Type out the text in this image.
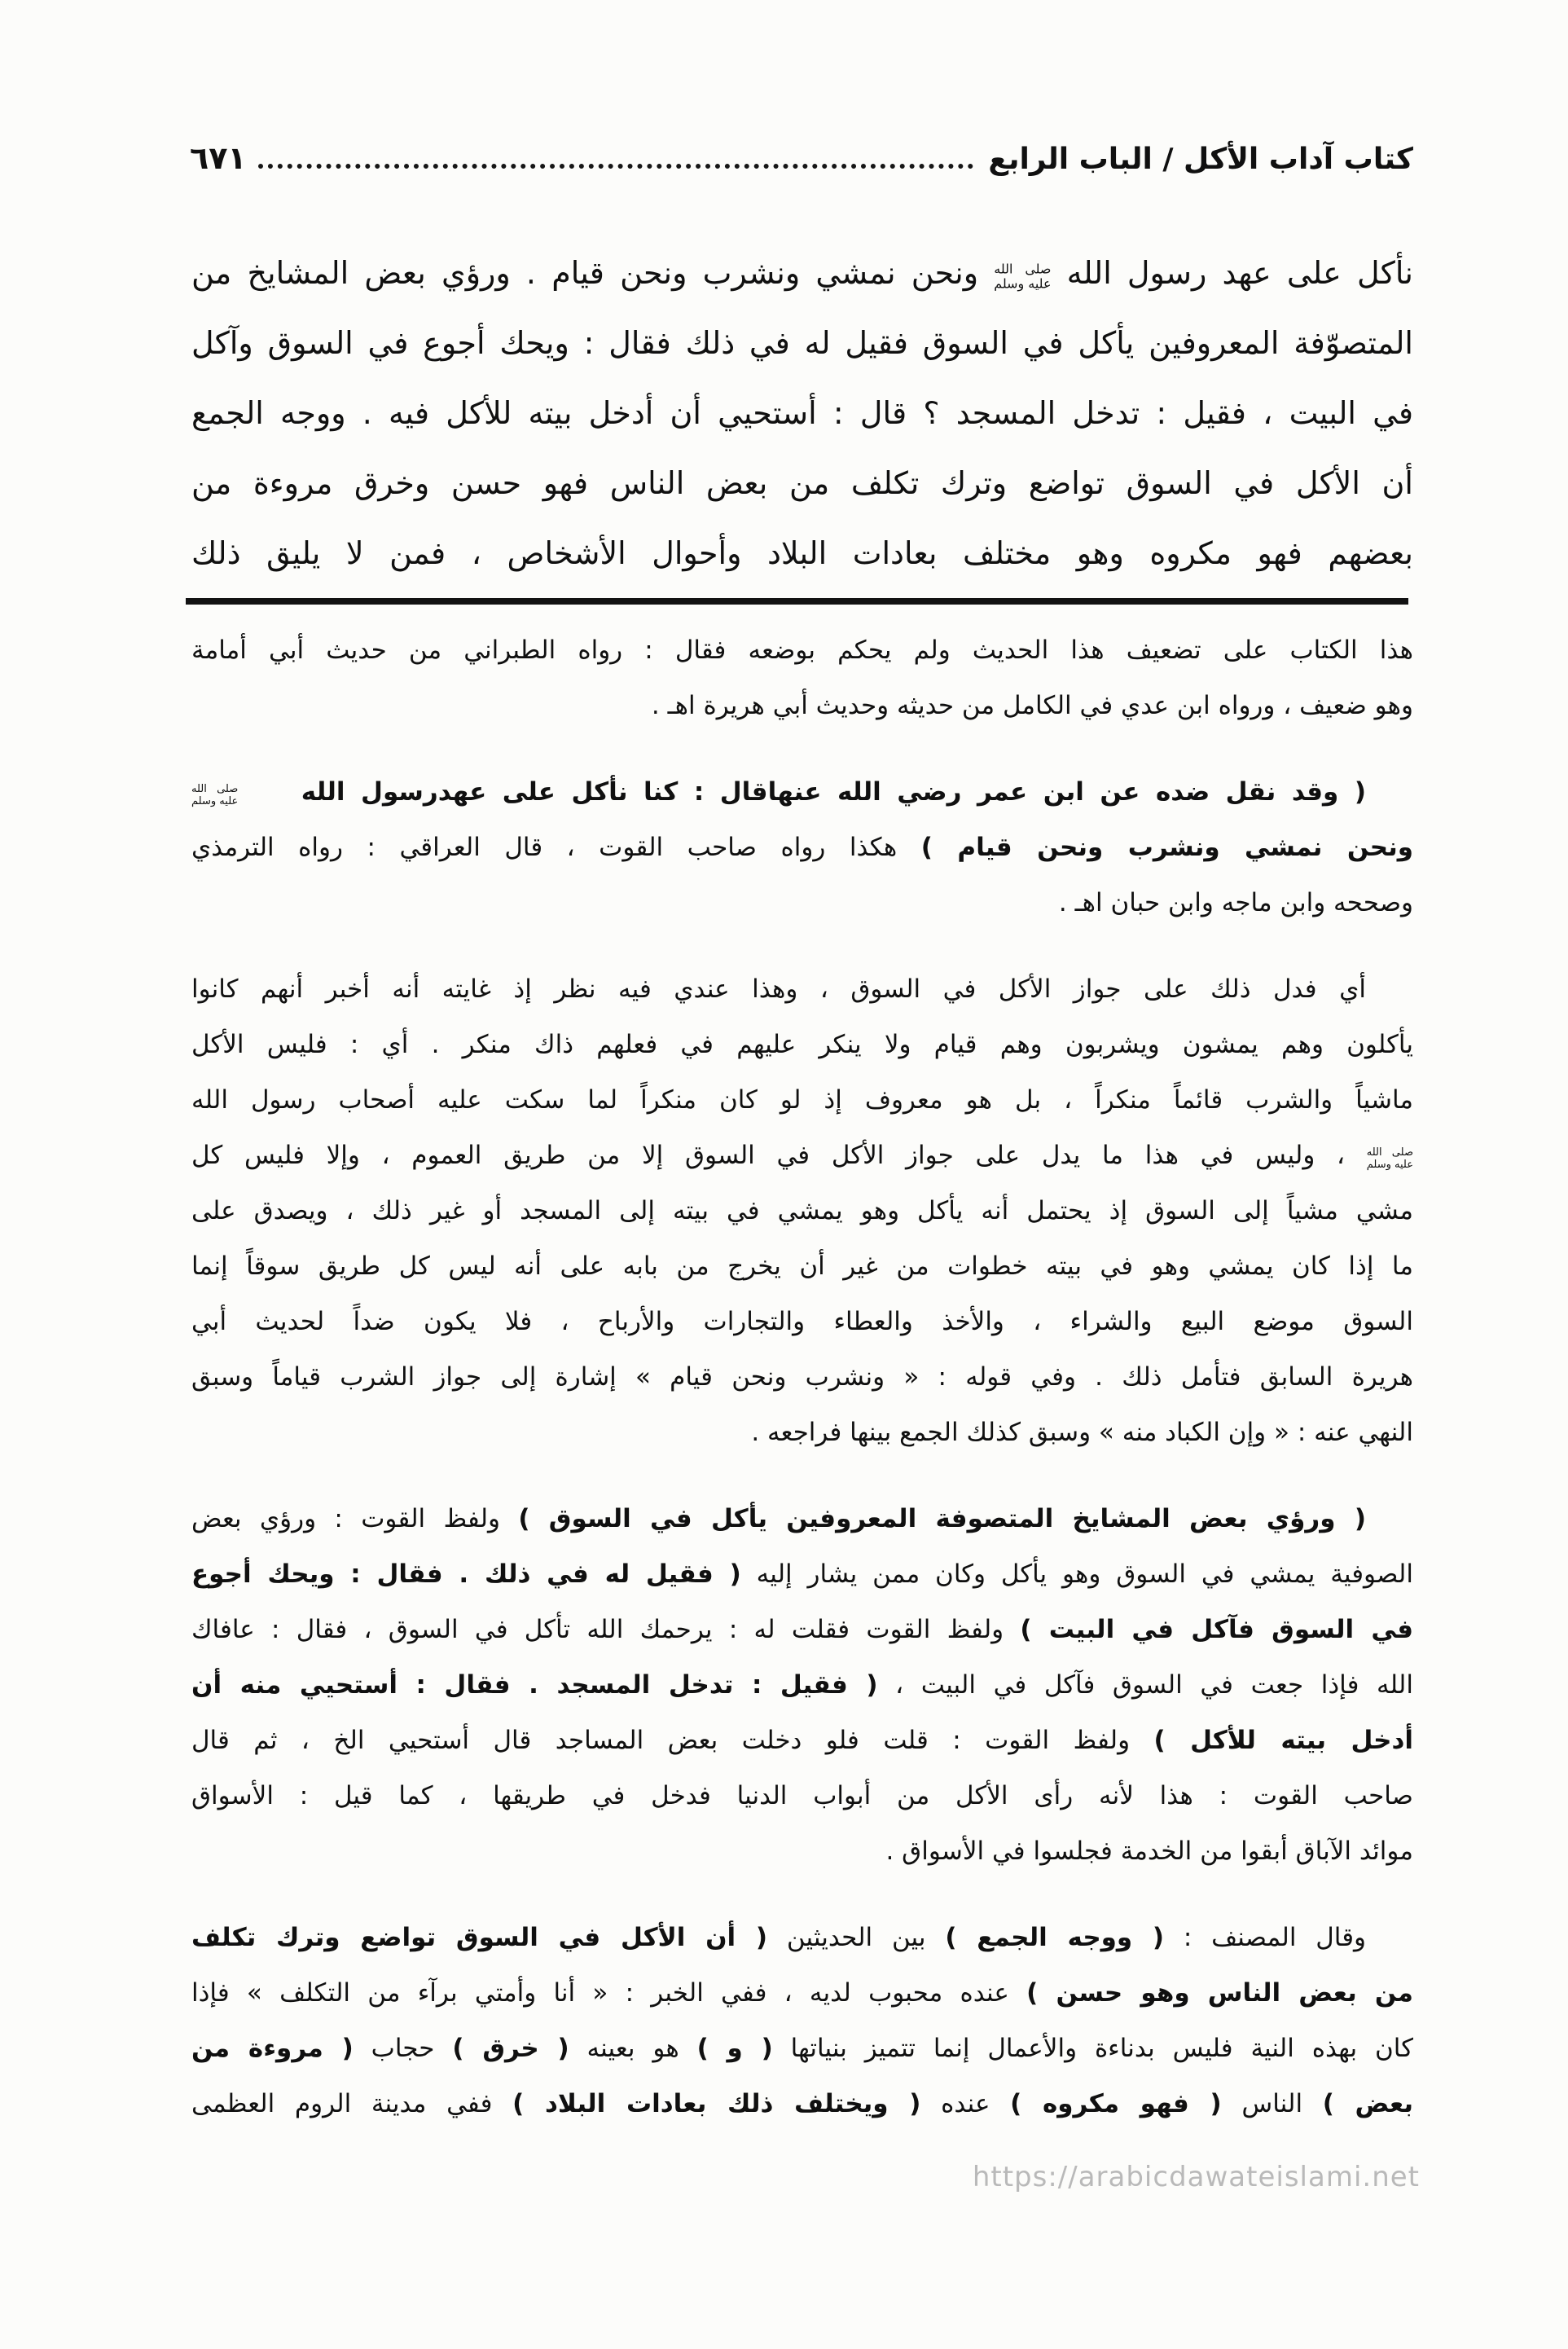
كتاب آداب الأكل / الباب الرابع
٦٧١
نأكل على عهد رسول الله
صلى الله
عليه وسلم
ونحن نمشي ونشرب ونحن قيام . ورؤي بعض المشايخ من
المتصوّفة المعروفين يأكل في السوق فقيل له في ذلك فقال : ويحك أجوع في السوق وآكل
في البيت ، فقيل : تدخل المسجد ؟ قال : أستحيي أن أدخل بيته للأكل فيه . ووجه الجمع
أن الأكل في السوق تواضع وترك تكلف من بعض الناس فهو حسن وخرق مروءة من
بعضهم فهو مكروه وهو مختلف بعادات البلاد وأحوال الأشخاص ، فمن لا يليق ذلك
هذا الكتاب على تضعيف هذا الحديث ولم يحكم بوضعه فقال : رواه الطبراني من حديث أبي أمامة
وهو ضعيف ، ورواه ابن عدي في الكامل من حديثه وحديث أبي هريرة اهـ .
( وقد نقل ضده عن ابن عمر رضي الله عنهاقال : كنا نأكل على عهدرسول الله
صلى الله
عليه وسلم
ونحن نمشي ونشرب ونحن قيام ) هكذا رواه صاحب القوت ، قال العراقي : رواه الترمذي
وصححه وابن ماجه وابن حبان اهـ .
أي فدل ذلك على جواز الأكل في السوق ، وهذا عندي فيه نظر إذ غايته أنه أخبر أنهم كانوا
يأكلون وهم يمشون ويشربون وهم قيام ولا ينكر عليهم في فعلهم ذاك منكر . أي : فليس الأكل
ماشياً والشرب قائماً منكراً ، بل هو معروف إذ لو كان منكراً لما سكت عليه أصحاب رسول الله
صلى الله
عليه وسلم
، وليس في هذا ما يدل على جواز الأكل في السوق إلا من طريق العموم ، وإلا فليس كل
مشي مشياً إلى السوق إذ يحتمل أنه يأكل وهو يمشي في بيته إلى المسجد أو غير ذلك ، ويصدق على
ما إذا كان يمشي وهو في بيته خطوات من غير أن يخرج من بابه على أنه ليس كل طريق سوقاً إنما
السوق موضع البيع والشراء ، والأخذ والعطاء والتجارات والأرباح ، فلا يكون ضداً لحديث أبي
هريرة السابق فتأمل ذلك . وفي قوله : « ونشرب ونحن قيام » إشارة إلى جواز الشرب قياماً وسبق
النهي عنه : « وإن الكباد منه » وسبق كذلك الجمع بينها فراجعه .
( ورؤي بعض المشايخ المتصوفة المعروفين يأكل في السوق ) ولفظ القوت : ورؤي بعض
الصوفية يمشي في السوق وهو يأكل وكان ممن يشار إليه ( فقيل له في ذلك . فقال : ويحك أجوع
في السوق فآكل في البيت ) ولفظ القوت فقلت له : يرحمك الله تأكل في السوق ، فقال : عافاك
الله فإذا جعت في السوق فآكل في البيت ، ( فقيل : تدخل المسجد . فقال : أستحيي منه أن
أدخل بيته للأكل ) ولفظ القوت : قلت فلو دخلت بعض المساجد قال أستحيي الخ ، ثم قال
صاحب القوت : هذا لأنه رأى الأكل من أبواب الدنيا فدخل في طريقها ، كما قيل : الأسواق
موائد الآباق أبقوا من الخدمة فجلسوا في الأسواق .
وقال المصنف : ( ووجه الجمع ) بين الحديثين ( أن الأكل في السوق تواضع وترك تكلف
من بعض الناس وهو حسن ) عنده محبوب لديه ، ففي الخبر : « أنا وأمتي برآء من التكلف » فإذا
كان بهذه النية فليس بدناءة والأعمال إنما تتميز بنياتها ( و ) هو بعينه ( خرق ) حجاب ( مروءة من
بعض ) الناس ( فهو مكروه ) عنده ( ويختلف ذلك بعادات البلاد ) ففي مدينة الروم العظمى
https://arabicdawateislami.net
